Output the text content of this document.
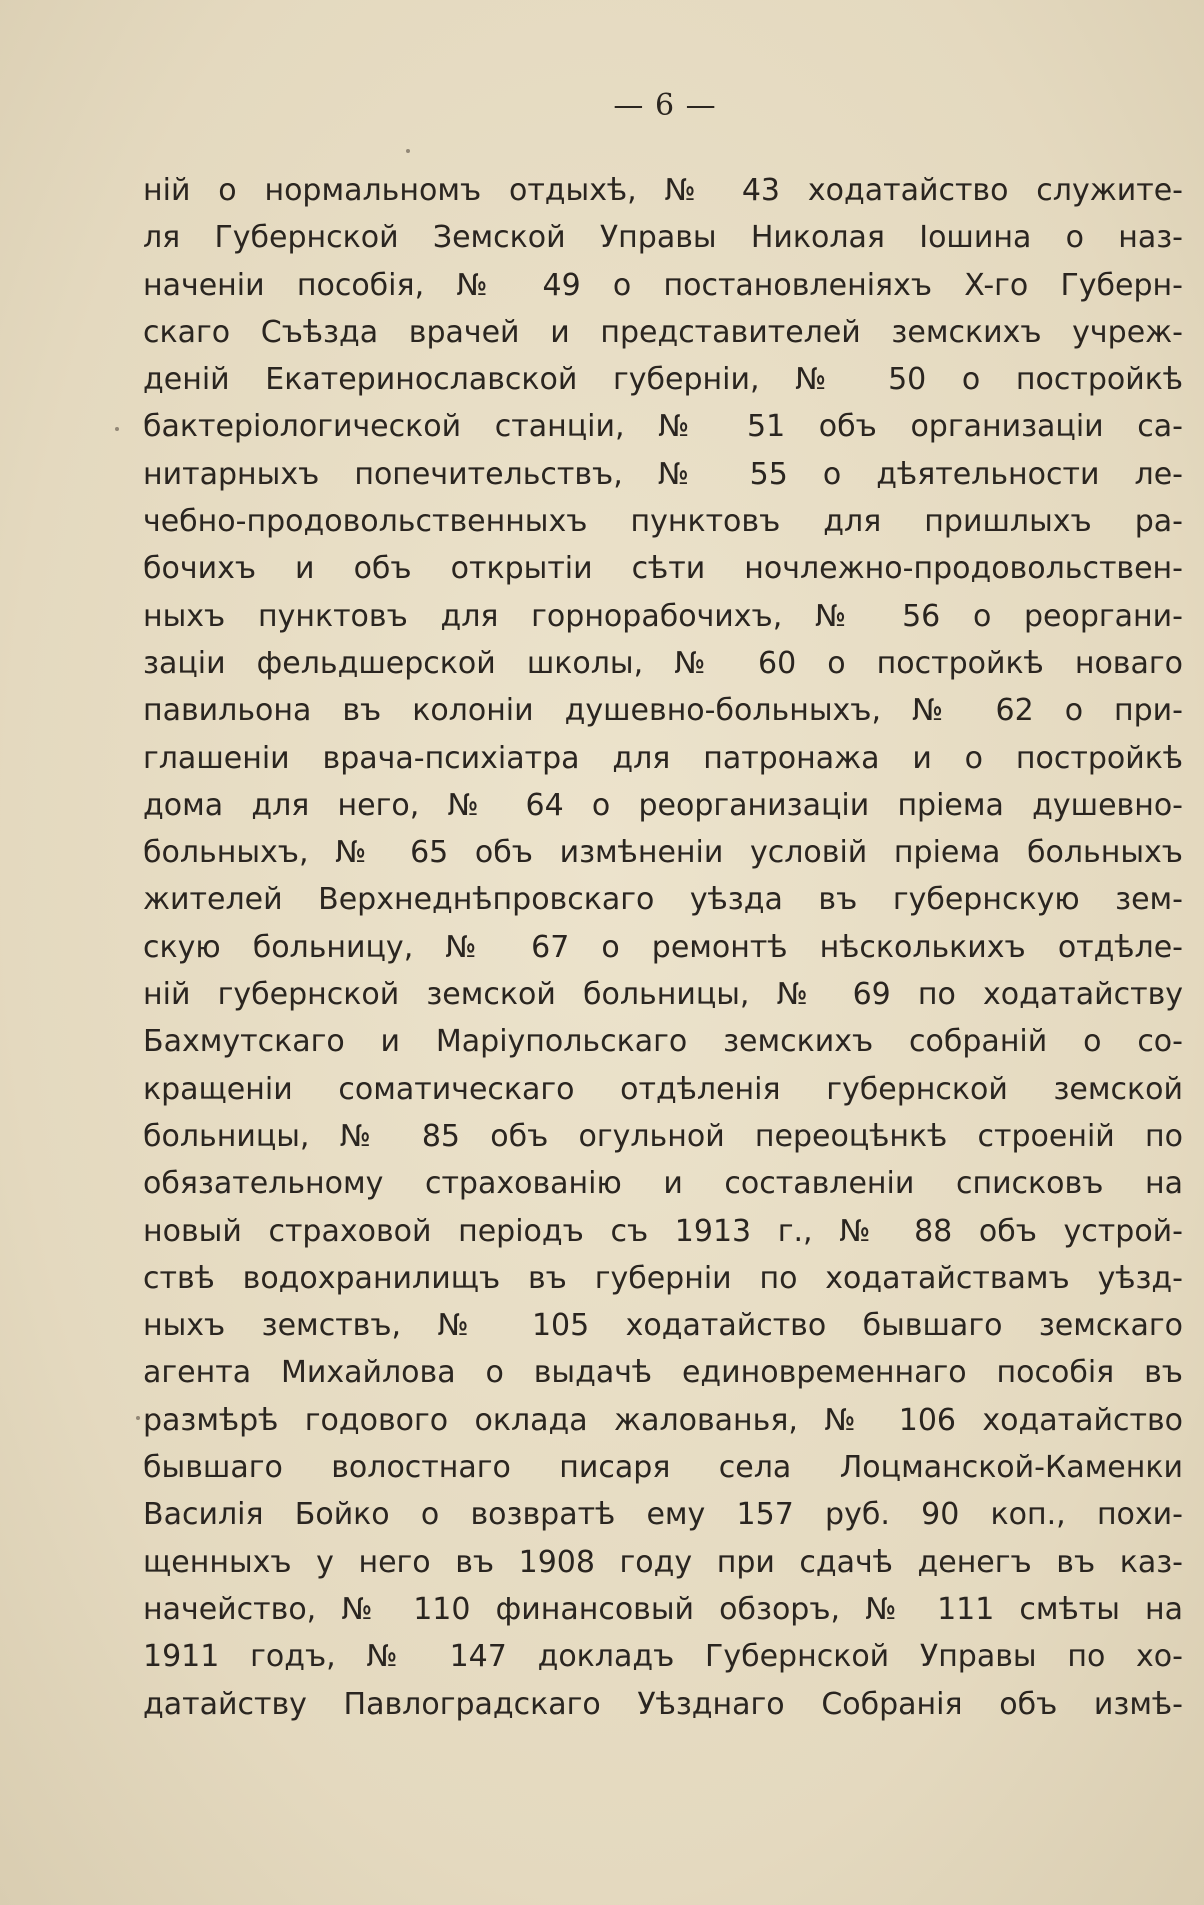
— 6 —
ній о нормальномъ отдыхѣ, № 43 ходатайство служите-
ля Губернской Земской Управы Николая Іошина о наз-
наченіи пособія, № 49 о постановленіяхъ X-го Губерн-
скаго Съѣзда врачей и представителей земскихъ учреж-
деній Екатеринославской губерніи, № 50 о постройкѣ
бактеріологической станціи, № 51 объ организаціи са-
нитарныхъ попечительствъ, № 55 о дѣятельности ле-
чебно-продовольственныхъ пунктовъ для пришлыхъ ра-
бочихъ и объ открытіи сѣти ночлежно-продовольствен-
ныхъ пунктовъ для горнорабочихъ, № 56 о реоргани-
заціи фельдшерской школы, № 60 о постройкѣ новаго
павильона въ колоніи душевно-больныхъ, № 62 о при-
глашеніи врача-психіатра для патронажа и о постройкѣ
дома для него, № 64 о реорганизаціи пріема душевно-
больныхъ, № 65 объ измѣненіи условій пріема больныхъ
жителей Верхнеднѣпровскаго уѣзда въ губернскую зем-
скую больницу, № 67 о ремонтѣ нѣсколькихъ отдѣле-
ній губернской земской больницы, № 69 по ходатайству
Бахмутскаго и Маріупольскаго земскихъ собраній о со-
кращеніи соматическаго отдѣленія губернской земской
больницы, № 85 объ огульной переоцѣнкѣ строеній по
обязательному страхованію и составленіи списковъ на
новый страховой періодъ съ 1913 г., № 88 объ устрой-
ствѣ водохранилищъ въ губерніи по ходатайствамъ уѣзд-
ныхъ земствъ, № 105 ходатайство бывшаго земскаго
агента Михайлова о выдачѣ единовременнаго пособія въ
размѣрѣ годового оклада жалованья, № 106 ходатайство
бывшаго волостнаго писаря села Лоцманской-Каменки
Василія Бойко о возвратѣ ему 157 руб. 90 коп., похи-
щенныхъ у него въ 1908 году при сдачѣ денегъ въ каз-
начейство, № 110 финансовый обзоръ, № 111 смѣты на
1911 годъ, № 147 докладъ Губернской Управы по хо-
датайству Павлоградскаго Уѣзднаго Собранія объ измѣ-
